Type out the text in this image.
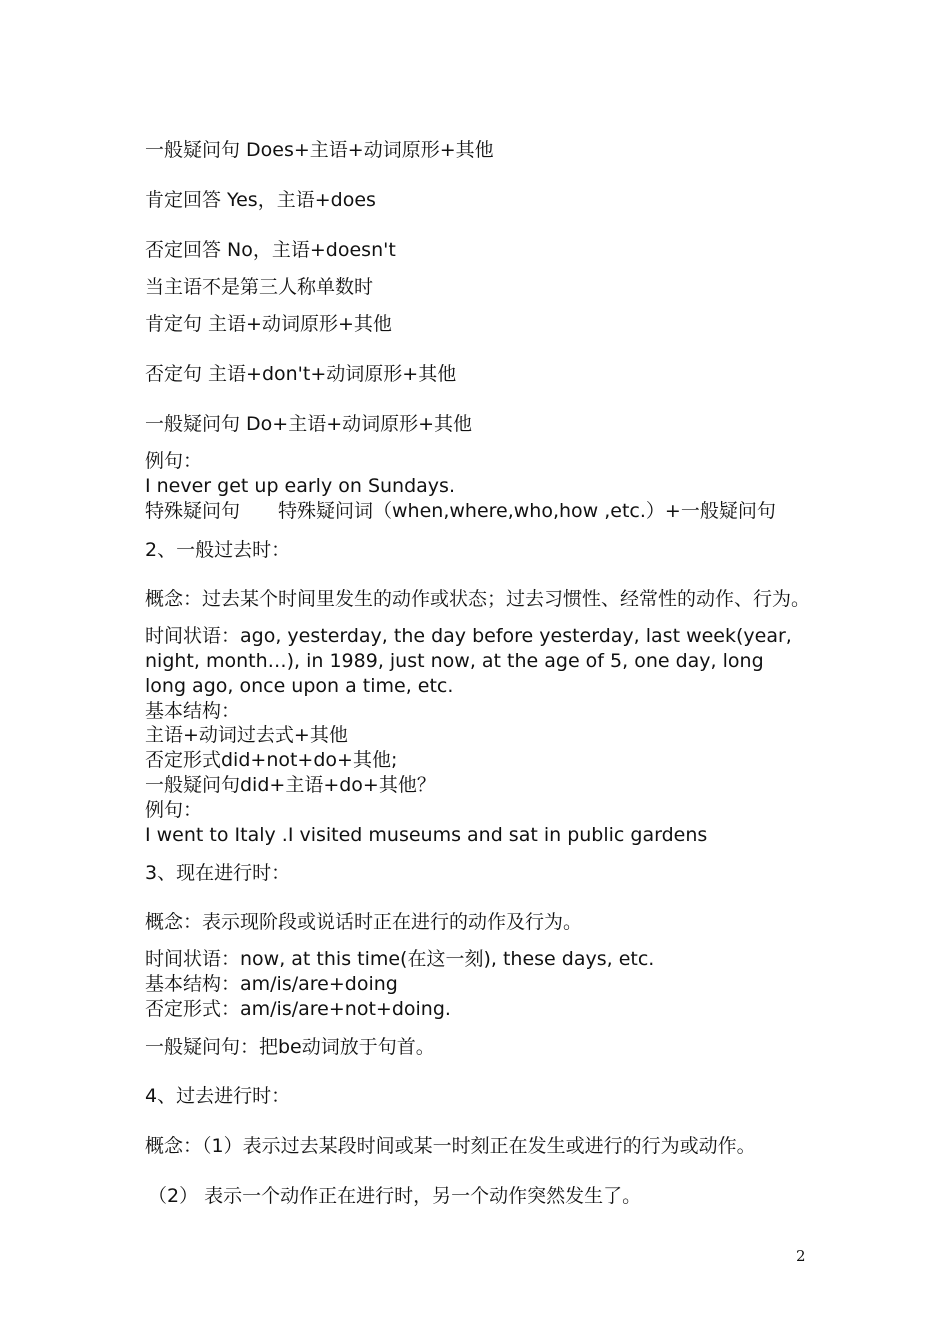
一般疑问句 Does+主语+动词原形+其他
肯定回答 Yes，主语+does
否定回答 No，主语+doesn't
当主语不是第三人称单数时
肯定句 主语+动词原形+其他
否定句 主语+don't+动词原形+其他
一般疑问句 Do+主语+动词原形+其他
例句：
I never get up early on Sundays.
特殊疑问句 特殊疑问词（when,where,who,how ,etc.）+一般疑问句
2、一般过去时：
概念：过去某个时间里发生的动作或状态；过去习惯性、经常性的动作、行为。
时间状语：ago, yesterday, the day before yesterday, last week(year,
night, month…), in 1989, just now, at the age of 5, one day, long
long ago, once upon a time, etc.
基本结构：
主语+动词过去式+其他
否定形式did+not+do+其他;
一般疑问句did+主语+do+其他？
例句：
I went to Italy .I visited museums and sat in public gardens
3、现在进行时：
概念：表示现阶段或说话时正在进行的动作及行为。
时间状语：now, at this time(在这一刻), these days, etc.
基本结构：am/is/are+doing
否定形式：am/is/are+not+doing.
一般疑问句：把be动词放于句首。
4、过去进行时：
概念：（1）表示过去某段时间或某一时刻正在发生或进行的行为或动作。
（2） 表示一个动作正在进行时，另一个动作突然发生了。
2
